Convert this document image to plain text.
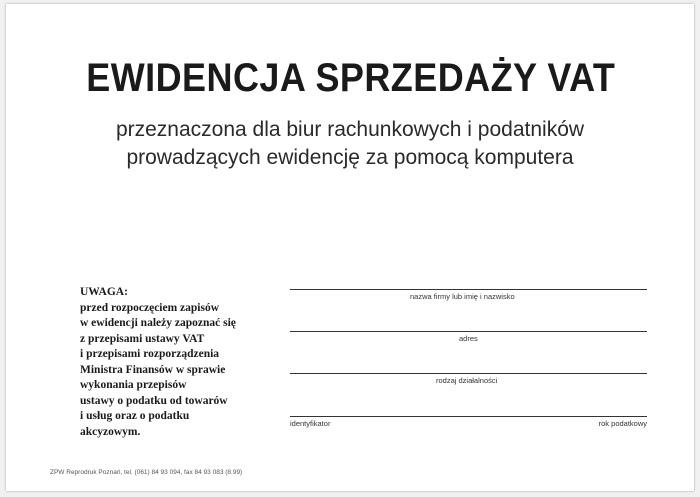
EWIDENCJA SPRZEDAŻY VAT
przeznaczona dla biur rachunkowych i podatników
prowadzących ewidencję za pomocą komputera
UWAGA:
przed rozpoczęciem zapisów
w ewidencji należy zapoznać się
z przepisami ustawy VAT
i przepisami rozporządzenia
Ministra Finansów w sprawie
wykonania przepisów
ustawy o podatku od towarów
i usług oraz o podatku
akcyzowym.
nazwa firmy lub imię i nazwisko
adres
rodzaj działalności
identyfikator	rok podatkowy
ZPW Reprodruk Poznań, tel. (061) 84 93 094, fax 84 93 083 (8.99)
